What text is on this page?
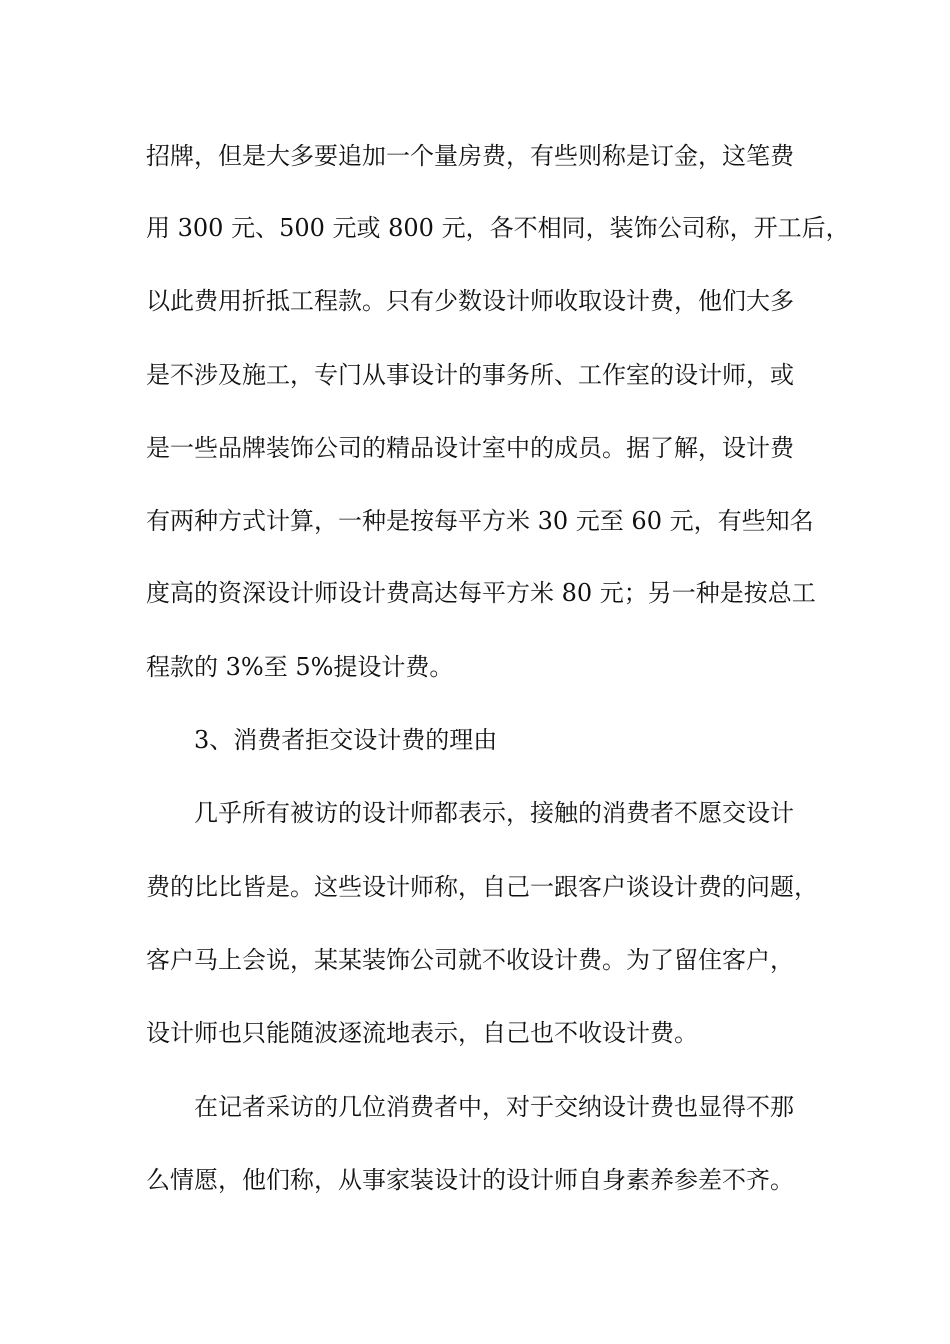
招牌，但是大多要追加一个量房费，有些则称是订金，这笔费
用 300 元、500 元或 800 元，各不相同，装饰公司称，开工后，
以此费用折抵工程款。只有少数设计师收取设计费，他们大多
是不涉及施工，专门从事设计的事务所、工作室的设计师，或
是一些品牌装饰公司的精品设计室中的成员。据了解，设计费
有两种方式计算，一种是按每平方米 30 元至 60 元，有些知名
度高的资深设计师设计费高达每平方米 80 元；另一种是按总工
程款的 3%至 5%提设计费。
3、消费者拒交设计费的理由
几乎所有被访的设计师都表示，接触的消费者不愿交设计
费的比比皆是。这些设计师称，自己一跟客户谈设计费的问题，
客户马上会说，某某装饰公司就不收设计费。为了留住客户，
设计师也只能随波逐流地表示，自己也不收设计费。
在记者采访的几位消费者中，对于交纳设计费也显得不那
么情愿，他们称，从事家装设计的设计师自身素养参差不齐。
